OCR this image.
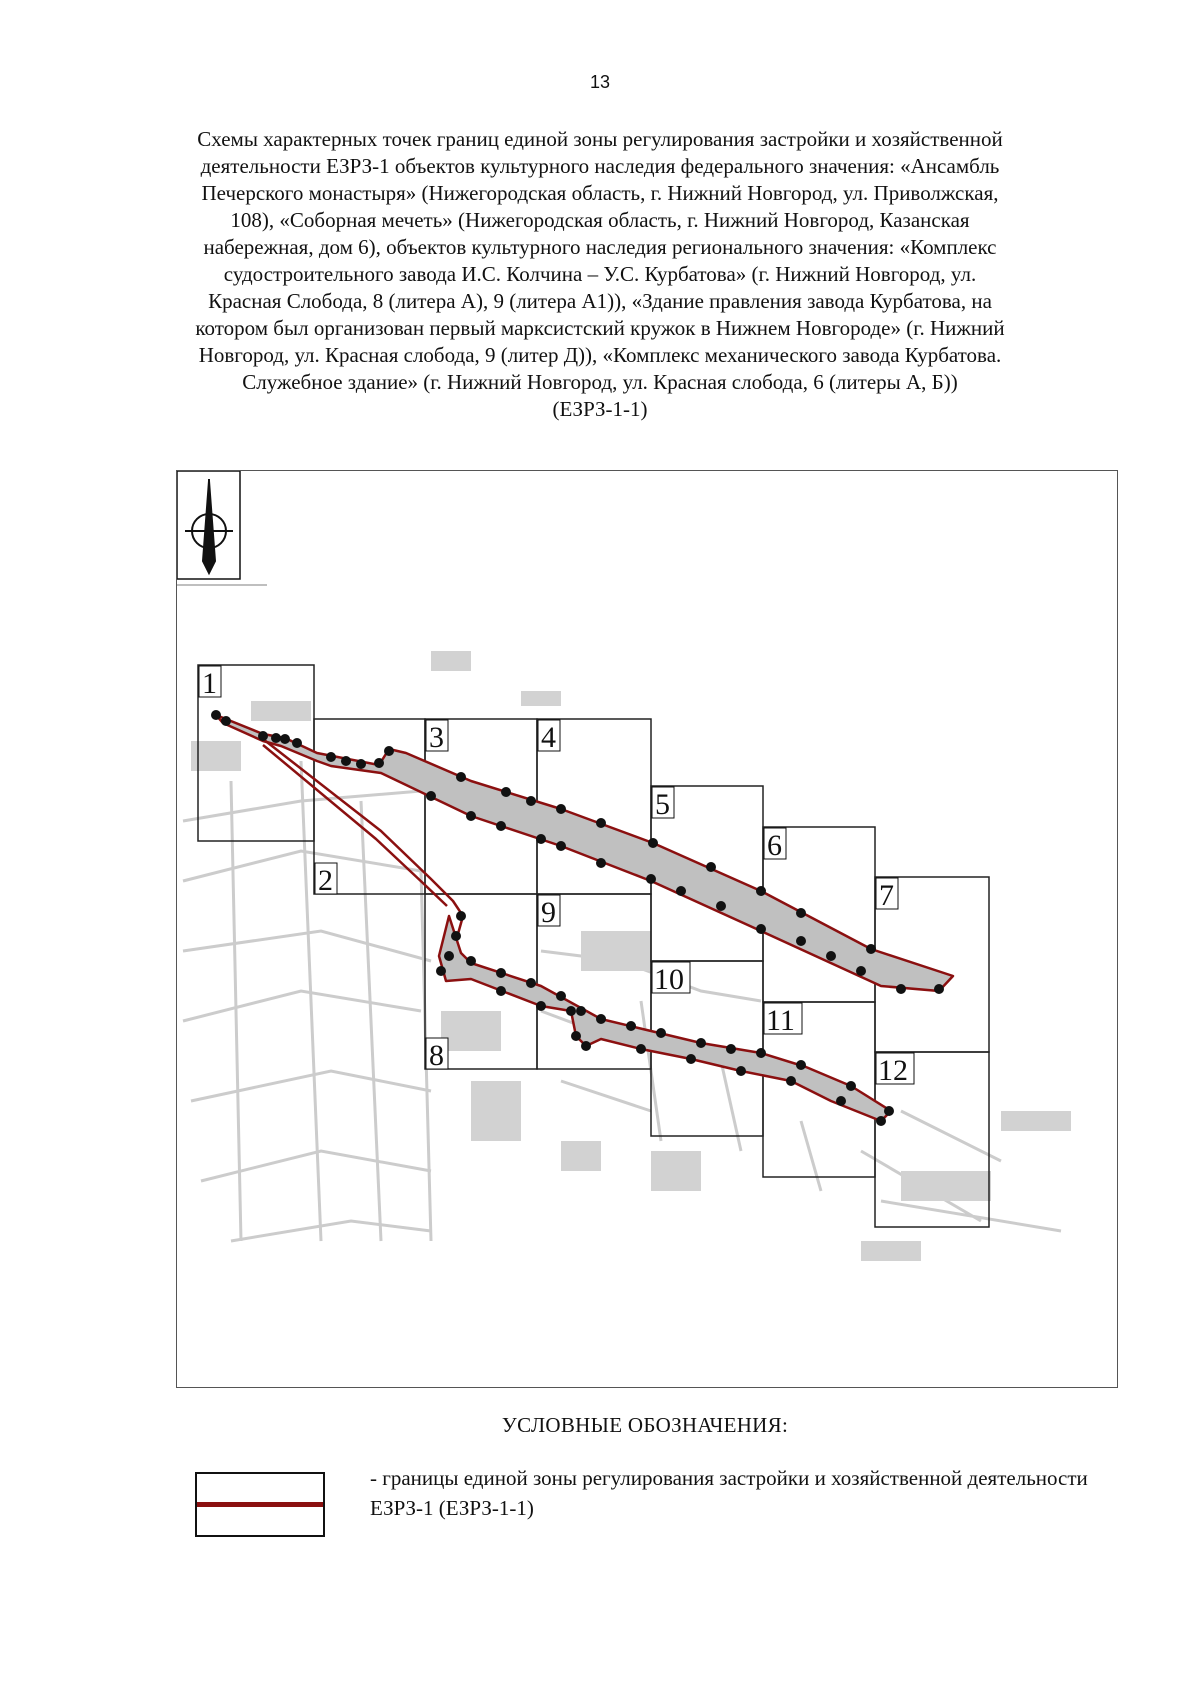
13
Схемы характерных точек границ единой зоны регулирования застройки и хозяйственной
деятельности ЕЗРЗ-1 объектов культурного наследия федерального значения: «Ансамбль
Печерского монастыря» (Нижегородская область, г. Нижний Новгород, ул. Приволжская,
108), «Соборная мечеть» (Нижегородская область, г. Нижний Новгород, Казанская
набережная, дом 6), объектов культурного наследия регионального значения: «Комплекс
судостроительного завода И.С. Колчина – У.С. Курбатова» (г. Нижний Новгород, ул.
Красная Слобода, 8 (литера А), 9 (литера А1)), «Здание правления завода Курбатова, на
котором был организован первый марксистский кружок в Нижнем Новгороде» (г. Нижний
Новгород, ул. Красная слобода, 9 (литер Д)), «Комплекс механического завода Курбатова.
Служебное здание» (г. Нижний Новгород, ул. Красная слобода, 6 (литеры А, Б))
(ЕЗРЗ-1-1)
1
2
3	4
5
6
7
8
9
10
11
12
УСЛОВНЫЕ ОБОЗНАЧЕНИЯ:
- границы единой зоны регулирования застройки и хозяйственной деятельности ЕЗРЗ-1 (ЕЗРЗ-1-1)
